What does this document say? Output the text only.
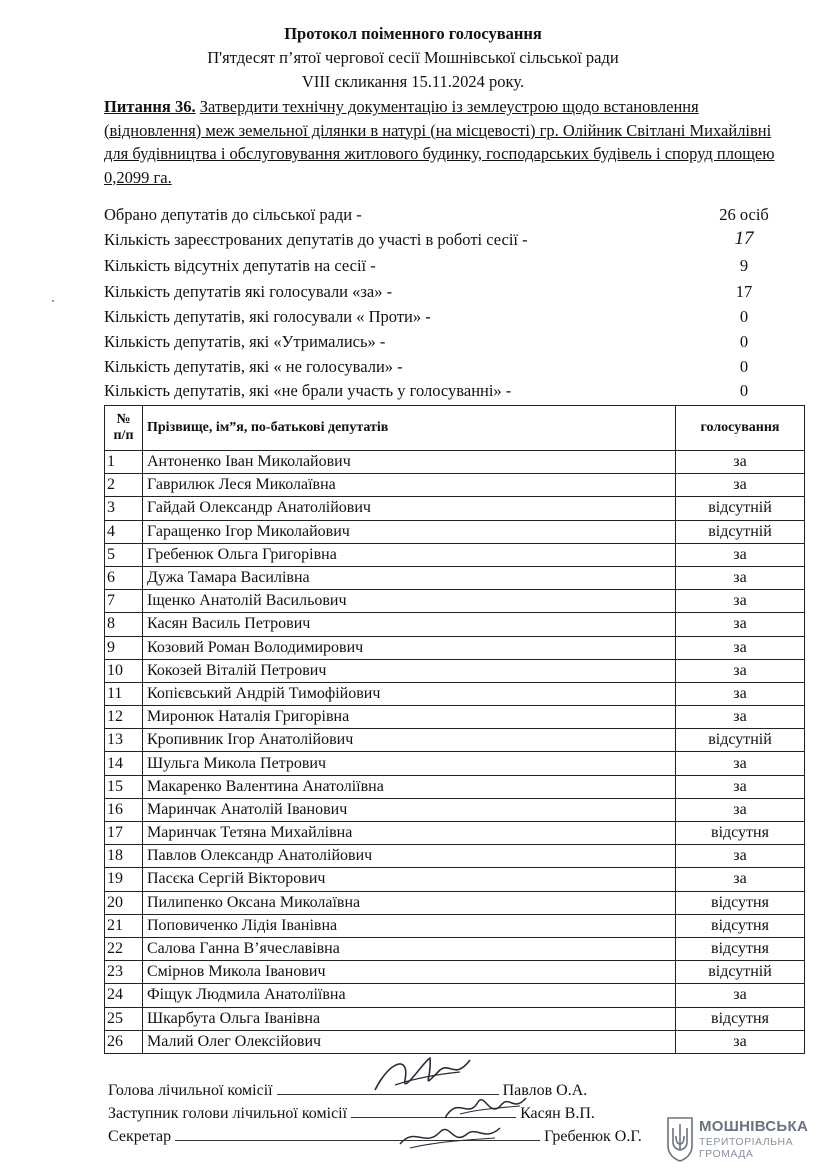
Протокол поіменного голосування
П'ятдесят п’ятої чергової сесії Мошнівської сільської ради
VIII скликання 15.11.2024 року.
Питання 36. Затвердити технічну документацію із землеустрою щодо встановлення (відновлення) меж земельної ділянки в натурі (на місцевості) гр. Олійник Світлані Михайлівні для будівництва і обслуговування житлового будинку, господарських будівель і споруд площею 0,2099 га.
Обрано депутатів до сільської ради -	26 осіб
Кількість зареєстрованих депутатів до участі в роботі сесії -	17
Кількість відсутніх депутатів на сесії -	9
Кількість депутатів які голосували «за» -	17
Кількість депутатів, які голосували « Проти» -	0
Кількість депутатів, які «Утримались» -	0
Кількість депутатів, які « не голосували» -	0
Кількість депутатів, які «не брали участь у голосуванні» -	0
№ п/п	Прізвище, ім”я, по-батькові депутатів	голосування
1	Антоненко Іван Миколайович	за
2	Гаврилюк Леся Миколаївна	за
3	Гайдай Олександр Анатолійович	відсутній
4	Гаращенко Ігор Миколайович	відсутній
5	Гребенюк Ольга Григорівна	за
6	Дужа Тамара Василівна	за
7	Іщенко Анатолій Васильович	за
8	Касян Василь Петрович	за
9	Козовий Роман Володимирович	за
10	Кокозей Віталій Петрович	за
11	Копієвський Андрій Тимофійович	за
12	Миронюк Наталія Григорівна	за
13	Кропивник Ігор Анатолійович	відсутній
14	Шульга Микола Петрович	за
15	Макаренко Валентина Анатоліївна	за
16	Маринчак Анатолій Іванович	за
17	Маринчак Тетяна Михайлівна	відсутня
18	Павлов Олександр Анатолійович	за
19	Пасєка Сергій Вікторович	за
20	Пилипенко Оксана Миколаївна	відсутня
21	Поповиченко Лідія Іванівна	відсутня
22	Салова Ганна В’ячеславівна	відсутня
23	Смірнов Микола Іванович	відсутній
24	Фіщук Людмила Анатоліївна	за
25	Шкарбута Ольга Іванівна	відсутня
26	Малий Олег Олексійович	за
Голова лічильної комісії	Павлов О.А.
Заступник голови лічильної комісії	Касян В.П.
Секретар	Гребенюк О.Г.
МОШНІВСЬКА
ТЕРИТОРІАЛЬНА
ГРОМАДА
